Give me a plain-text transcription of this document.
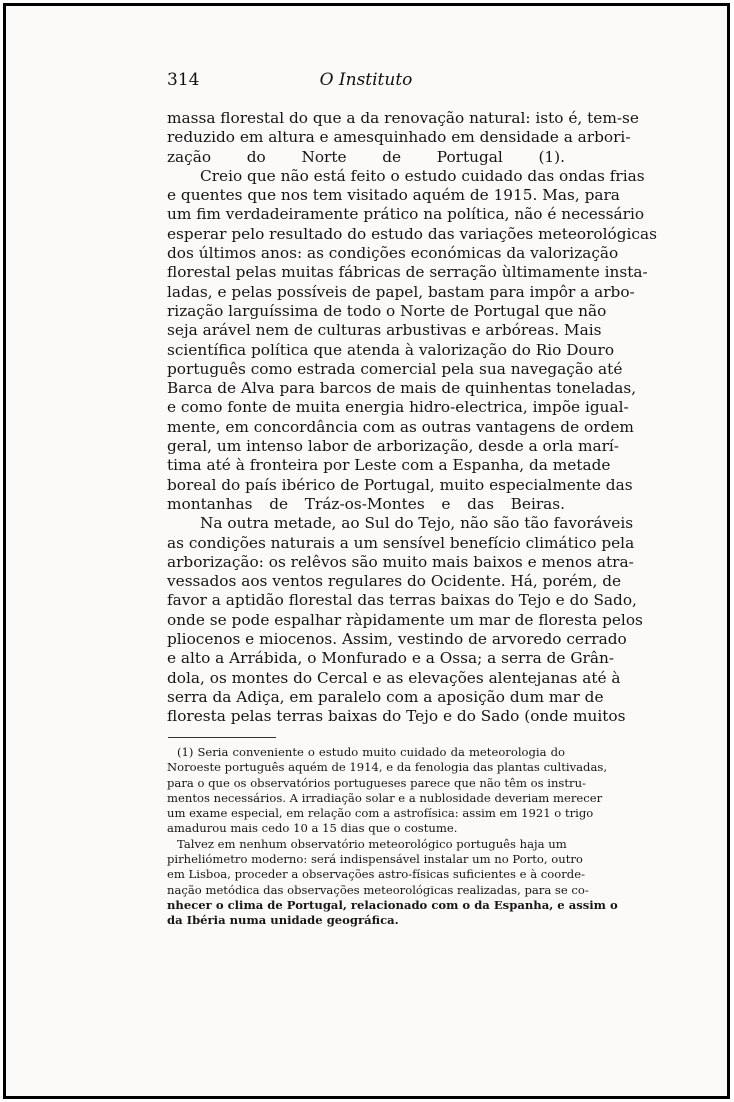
314	O Instituto

massa florestal do que a da renovação natural: isto é, tem-se
reduzido em altura e amesquinhado em densidade a arbori-
zação do Norte de Portugal (1).

Creio que não está feito o estudo cuidado das ondas frias
e quentes que nos tem visitado aquém de 1915. Mas, para
um fim verdadeiramente prático na política, não é necessário
esperar pelo resultado do estudo das variações meteorológicas
dos últimos anos: as condições económicas da valorização
florestal pelas muitas fábricas de serração ùltimamente insta-
ladas, e pelas possíveis de papel, bastam para impôr a arbo-
rização larguíssima de todo o Norte de Portugal que não
seja arável nem de culturas arbustivas e arbóreas. Mais
scientífica política que atenda à valorização do Rio Douro
português como estrada comercial pela sua navegação até
Barca de Alva para barcos de mais de quinhentas toneladas,
e como fonte de muita energia hidro-electrica, impõe igual-
mente, em concordância com as outras vantagens de ordem
geral, um intenso labor de arborização, desde a orla marí-
tima até à fronteira por Leste com a Espanha, da metade
boreal do país ibérico de Portugal, muito especialmente das
montanhas de Tráz-os-Montes e das Beiras.

Na outra metade, ao Sul do Tejo, não são tão favoráveis
as condições naturais a um sensível benefício climático pela
arborização: os relêvos são muito mais baixos e menos atra-
vessados aos ventos regulares do Ocidente. Há, porém, de
favor a aptidão florestal das terras baixas do Tejo e do Sado,
onde se pode espalhar ràpidamente um mar de floresta pelos
pliocenos e miocenos. Assim, vestindo de arvoredo cerrado
e alto a Arrábida, o Monfurado e a Ossa; a serra de Grân-
dola, os montes do Cercal e as elevações alentejanas até à
serra da Adiça, em paralelo com a aposição dum mar de
floresta pelas terras baixas do Tejo e do Sado (onde muitos

(1) Seria conveniente o estudo muito cuidado da meteorologia do
Noroeste português aquém de 1914, e da fenologia das plantas cultivadas,
para o que os observatórios portugueses parece que não têm os instru-
mentos necessários. A irradiação solar e a nublosidade deveriam merecer
um exame especial, em relação com a astrofísica: assim em 1921 o trigo
amadurou mais cedo 10 a 15 dias que o costume.
Talvez em nenhum observatório meteorológico português haja um
pirheliómetro moderno: será indispensável instalar um no Porto, outro
em Lisboa, proceder a observações astro-físicas suficientes e à coorde-
nação metódica das observações meteorológicas realizadas, para se co-
nhecer o clima de Portugal, relacionado com o da Espanha, e assim o
da Ibéria numa unidade geográfica.
